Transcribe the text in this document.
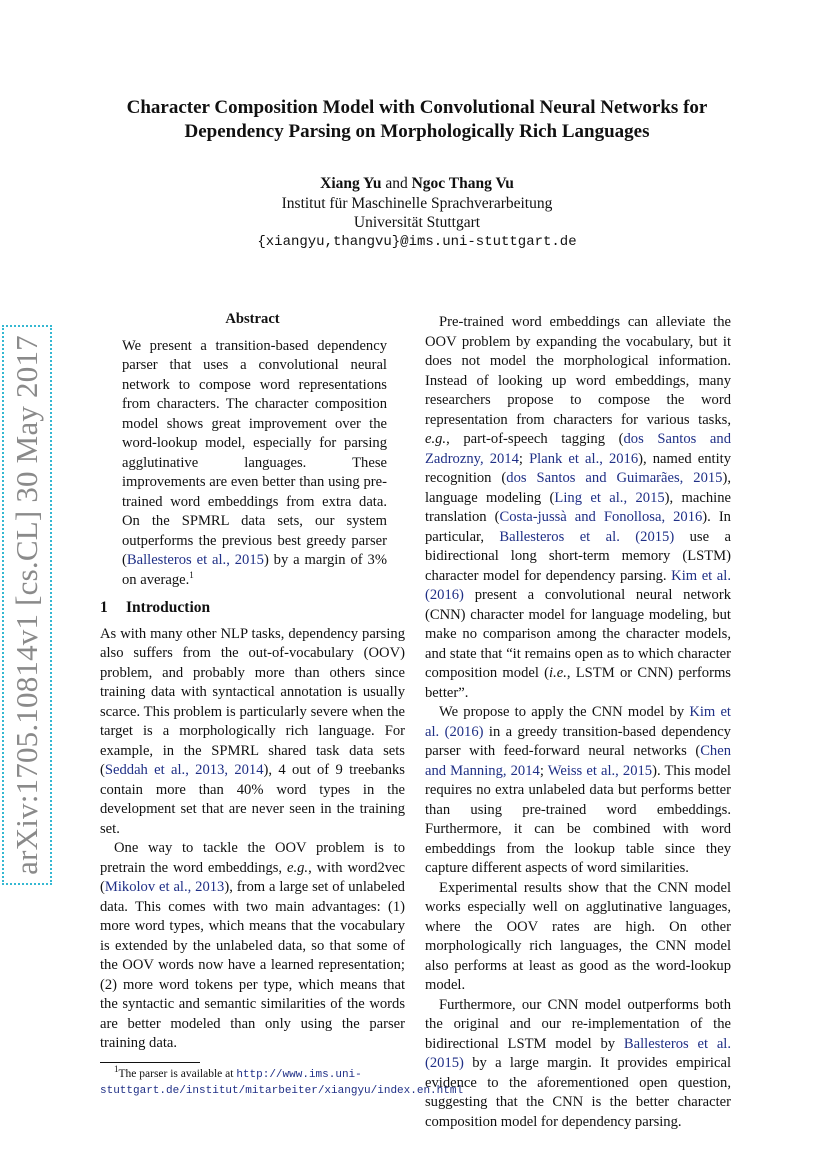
arXiv:1705.10814v1 [cs.CL] 30 May 2017
Character Composition Model with Convolutional Neural Networks for
Dependency Parsing on Morphologically Rich Languages
Xiang Yu and Ngoc Thang Vu
Institut für Maschinelle Sprachverarbeitung
Universität Stuttgart
{xiangyu,thangvu}@ims.uni-stuttgart.de
Abstract

We present a transition-based dependency parser that uses a convolutional neural network to compose word representations from characters. The character composition model shows great improvement over the word-lookup model, especially for parsing agglutinative languages. These improvements are even better than using pre-trained word embeddings from extra data. On the SPMRL data sets, our system outperforms the previous best greedy parser (Ballesteros et al., 2015) by a margin of 3% on average.$^1$

1 Introduction

As with many other NLP tasks, dependency parsing also suffers from the out-of-vocabulary (OOV) problem, and probably more than others since training data with syntactical annotation is usually scarce. This problem is particularly severe when the target is a morphologically rich language. For example, in the SPMRL shared task data sets (Seddah et al., 2013, 2014), 4 out of 9 treebanks contain more than 40% word types in the development set that are never seen in the training set.

One way to tackle the OOV problem is to pretrain the word embeddings, e.g., with word2vec (Mikolov et al., 2013), from a large set of unlabeled data. This comes with two main advantages: (1) more word types, which means that the vocabulary is extended by the unlabeled data, so that some of the OOV words now have a learned representation; (2) more word tokens per type, which means that the syntactic and semantic similarities of the words are better modeled than only using the parser training data.

$^1$The parser is available at http://www.ims.uni-stuttgart.de/institut/mitarbeiter/xiangyu/index.en.html

Pre-trained word embeddings can alleviate the OOV problem by expanding the vocabulary, but it does not model the morphological information. Instead of looking up word embeddings, many researchers propose to compose the word representation from characters for various tasks, e.g., part-of-speech tagging (dos Santos and Zadrozny, 2014; Plank et al., 2016), named entity recognition (dos Santos and Guimarães, 2015), language modeling (Ling et al., 2015), machine translation (Costa-jussà and Fonollosa, 2016). In particular, Ballesteros et al. (2015) use a bidirectional long short-term memory (LSTM) character model for dependency parsing. Kim et al. (2016) present a convolutional neural network (CNN) character model for language modeling, but make no comparison among the character models, and state that “it remains open as to which character composition model (i.e., LSTM or CNN) performs better”.

We propose to apply the CNN model by Kim et al. (2016) in a greedy transition-based dependency parser with feed-forward neural networks (Chen and Manning, 2014; Weiss et al., 2015). This model requires no extra unlabeled data but performs better than using pre-trained word embeddings. Furthermore, it can be combined with word embeddings from the lookup table since they capture different aspects of word similarities.

Experimental results show that the CNN model works especially well on agglutinative languages, where the OOV rates are high. On other morphologically rich languages, the CNN model also performs at least as good as the word-lookup model.

Furthermore, our CNN model outperforms both the original and our re-implementation of the bidirectional LSTM model by Ballesteros et al. (2015) by a large margin. It provides empirical evidence to the aforementioned open question, suggesting that the CNN is the better character composition model for dependency parsing.
